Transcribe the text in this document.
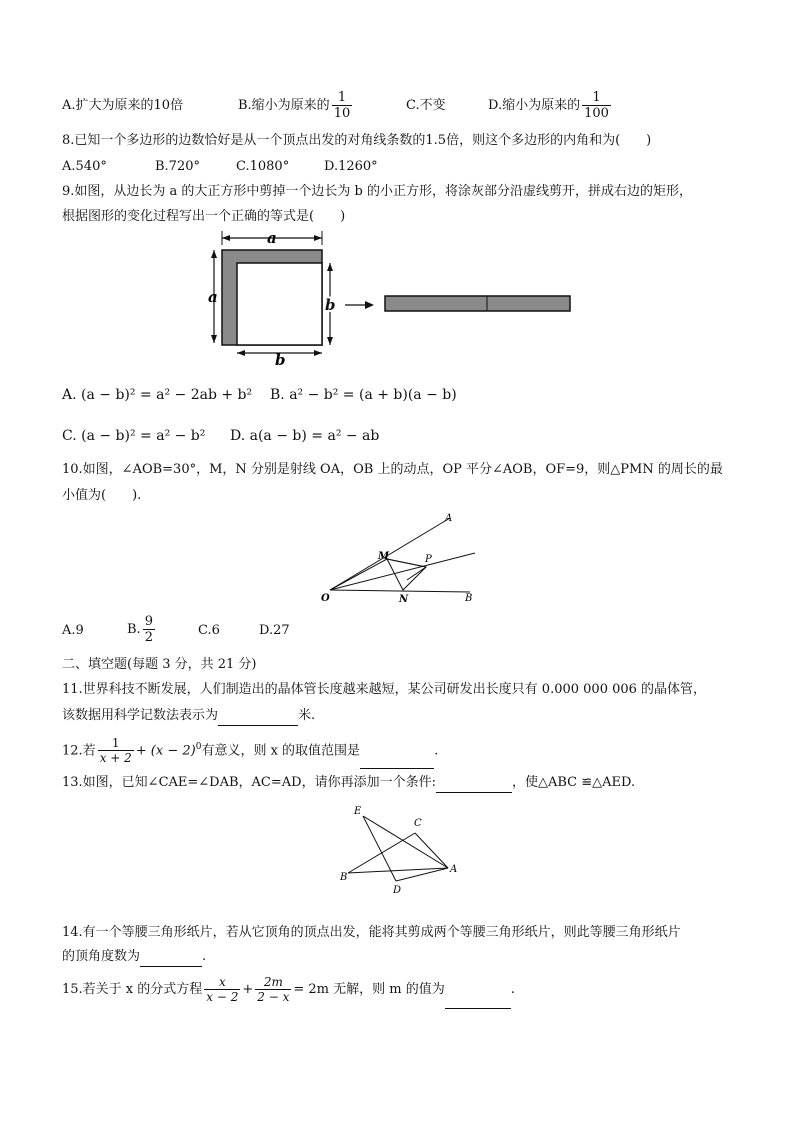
A.扩大为原来的10倍	B.缩小为原来的 $\frac{1}{10}$	C.不变	D.缩小为原来的 $\frac{1}{100}$
8.已知一个多边形的边数恰好是从一个顶点出发的对角线条数的1.5倍，则这个多边形的内角和为(　　)
A.540°	B.720°	C.1080°	D.1260°
9.如图，从边长为 a 的大正方形中剪掉一个边长为 b 的小正方形，将涂灰部分沿虚线剪开，拼成右边的矩形，
根据图形的变化过程写出一个正确的等式是(　　)
a
a	b
b
A. (a − b)² = a² − 2ab + b² B. a² − b² = (a + b)(a − b)
C. (a − b)² = a² − b² D. a(a − b) = a² − ab
10.如图，∠AOB=30°，M，N 分别是射线 OA，OB 上的动点，OP 平分∠AOB，OF=9，则△PMN 的周长的最
小值为(　　).
A
B
O
M
N
P
A.9	B. $\frac{9}{2}$	C.6	D.27
二、填空题(每题 3 分，共 21 分)
11.世界科技不断发展，人们制造出的晶体管长度越来越短，某公司研发出长度只有 0.000 000 006 的晶体管，
该数据用科学记数法表示为	米.
12.若 $\frac{1}{x + 2} + (x - 2)^0$有意义，则 x 的取值范围是	.
13.如图，已知∠CAE=∠DAB，AC=AD，请你再添加一个条件:	，使△ABC ≌△AED.
E
C
B
A
D
14.有一个等腰三角形纸片，若从它顶角的顶点出发，能将其剪成两个等腰三角形纸片，则此等腰三角形纸片
的顶角度数为	.
15.若关于 x 的分式方程 $\frac{x}{x - 2} + \frac{2m}{2 - x} = 2m$ 无解，则 m 的值为	.
